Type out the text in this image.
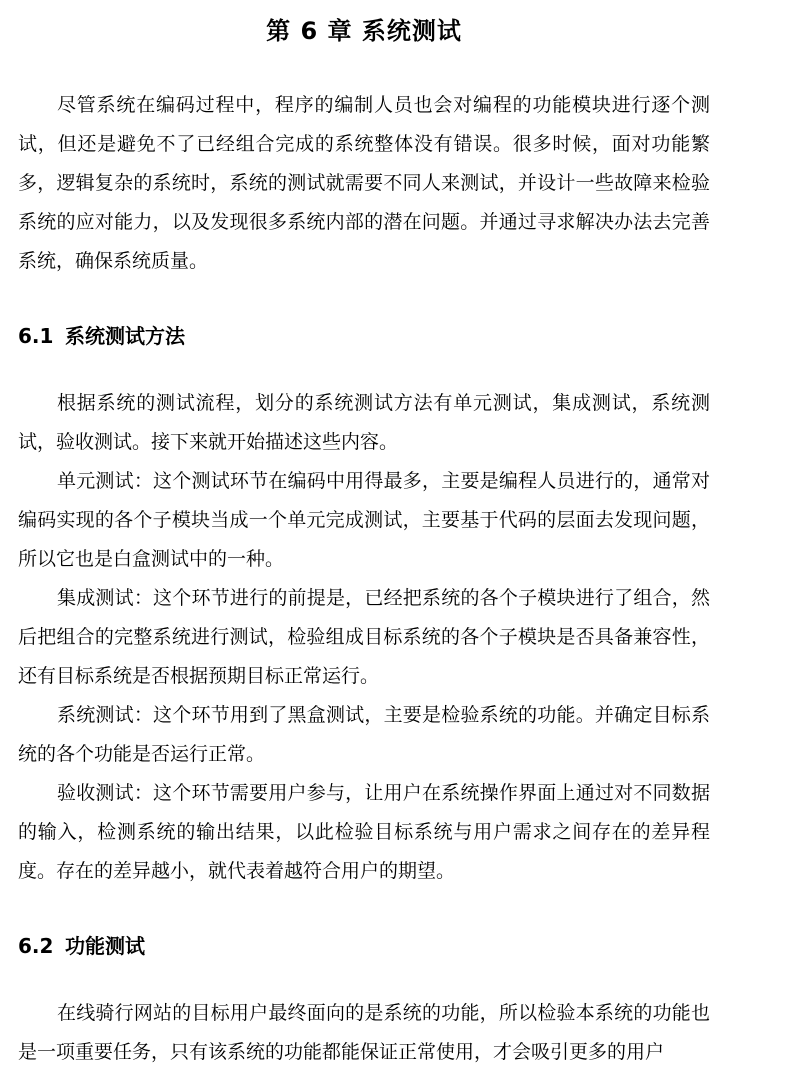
第 6 章 系统测试

尽管系统在编码过程中，程序的编制人员也会对编程的功能模块进行逐个测试，但还是避免不了已经组合完成的系统整体没有错误。很多时候，面对功能繁多，逻辑复杂的系统时，系统的测试就需要不同人来测试，并设计一些故障来检验系统的应对能力，以及发现很多系统内部的潜在问题。并通过寻求解决办法去完善系统，确保系统质量。

6.1 系统测试方法

根据系统的测试流程，划分的系统测试方法有单元测试，集成测试，系统测试，验收测试。接下来就开始描述这些内容。

单元测试：这个测试环节在编码中用得最多，主要是编程人员进行的，通常对编码实现的各个子模块当成一个单元完成测试，主要基于代码的层面去发现问题，所以它也是白盒测试中的一种。

集成测试：这个环节进行的前提是，已经把系统的各个子模块进行了组合，然后把组合的完整系统进行测试，检验组成目标系统的各个子模块是否具备兼容性，还有目标系统是否根据预期目标正常运行。

系统测试：这个环节用到了黑盒测试，主要是检验系统的功能。并确定目标系统的各个功能是否运行正常。

验收测试：这个环节需要用户参与，让用户在系统操作界面上通过对不同数据的输入，检测系统的输出结果，以此检验目标系统与用户需求之间存在的差异程度。存在的差异越小，就代表着越符合用户的期望。

6.2 功能测试

在线骑行网站的目标用户最终面向的是系统的功能，所以检验本系统的功能也是一项重要任务，只有该系统的功能都能保证正常使用，才会吸引更多的用户
